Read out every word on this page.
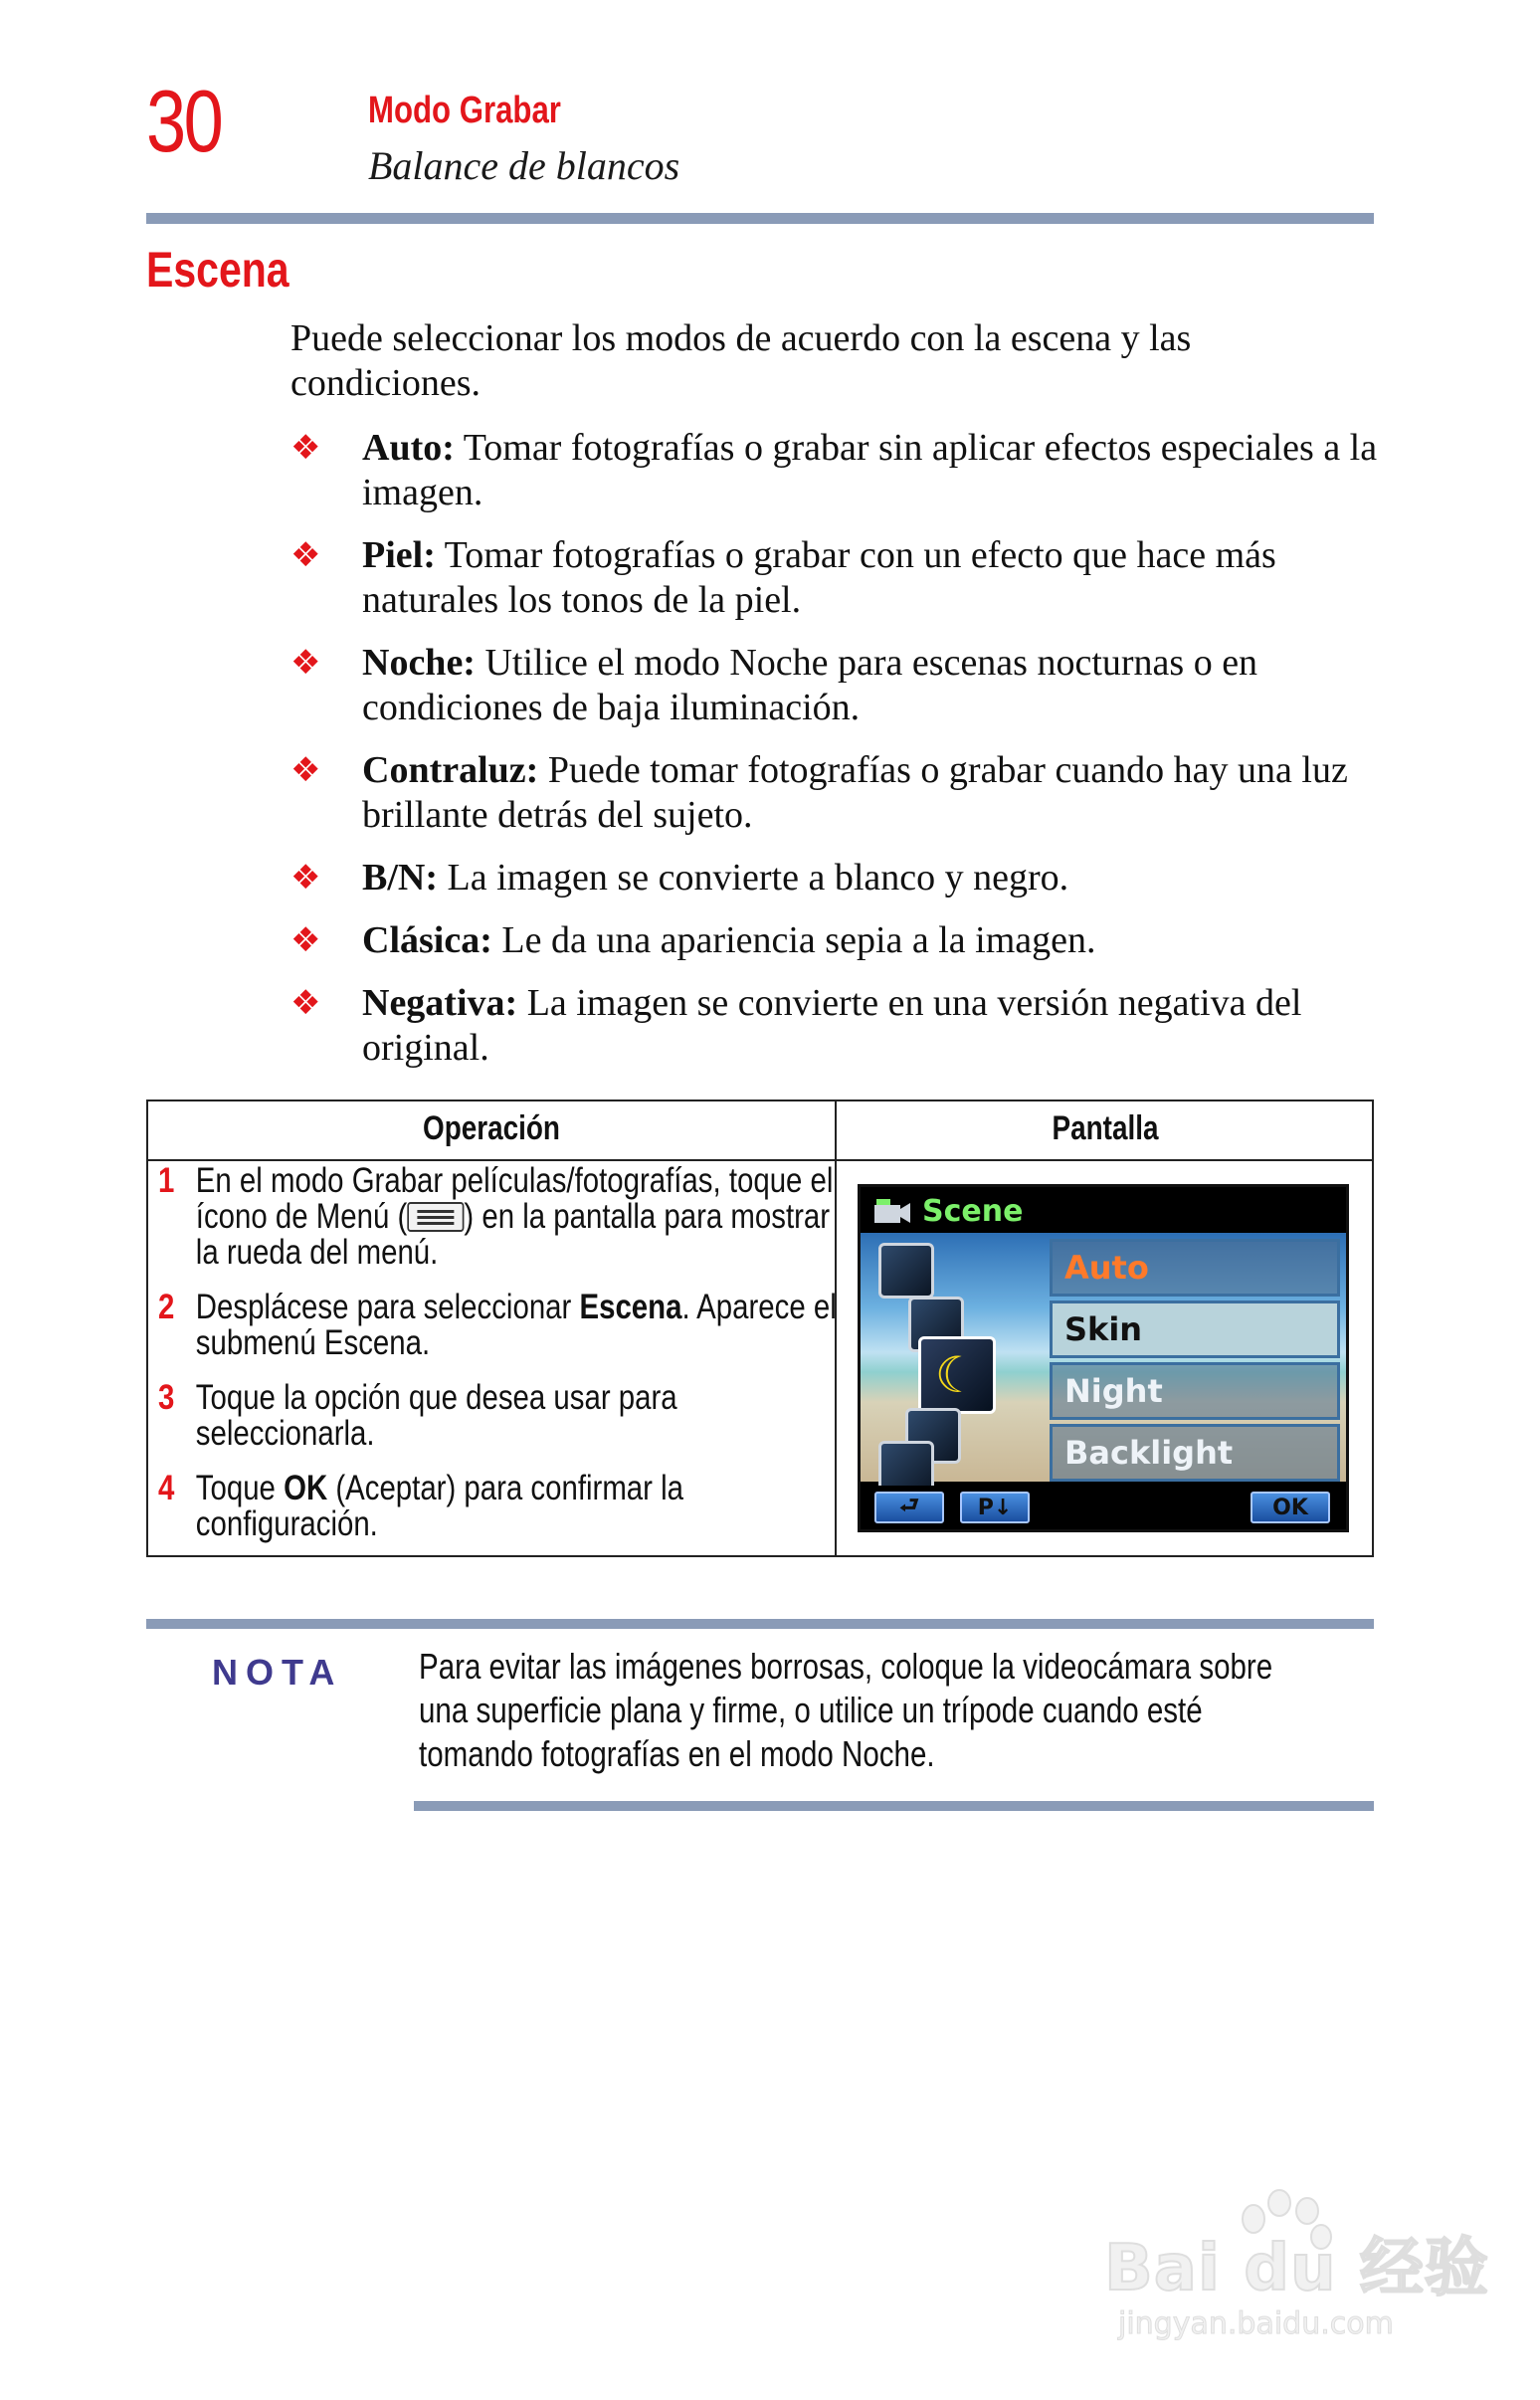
30	Modo Grabar
Balance de blancos
Escena
Puede seleccionar los modos de acuerdo con la escena y las condiciones.
❖ Auto: Tomar fotografías o grabar sin aplicar efectos especiales a la imagen.
❖ Piel: Tomar fotografías o grabar con un efecto que hace más naturales los tonos de la piel.
❖ Noche: Utilice el modo Noche para escenas nocturnas o en condiciones de baja iluminación.
❖ Contraluz: Puede tomar fotografías o grabar cuando hay una luz brillante detrás del sujeto.
❖ B/N: La imagen se convierte a blanco y negro.
❖ Clásica: Le da una apariencia sepia a la imagen.
❖ Negativa: La imagen se convierte en una versión negativa del original.
Operación	Pantalla
1 En el modo Grabar películas/fotografías, toque el ícono de Menú ( ) en la pantalla para mostrar la rueda del menú.
2 Desplácese para seleccionar Escena. Aparece el submenú Escena.
3 Toque la opción que desea usar para seleccionarla.
4 Toque OK (Aceptar) para confirmar la configuración.
Scene
☾
Auto
Skin
Night
Backlight
⮐	P↓	OK
NOTA Para evitar las imágenes borrosas, coloque la videocámara sobre una superficie plana y firme, o utilice un trípode cuando esté tomando fotografías en el modo Noche.
Bai du 经验
jingyan.baidu.com
